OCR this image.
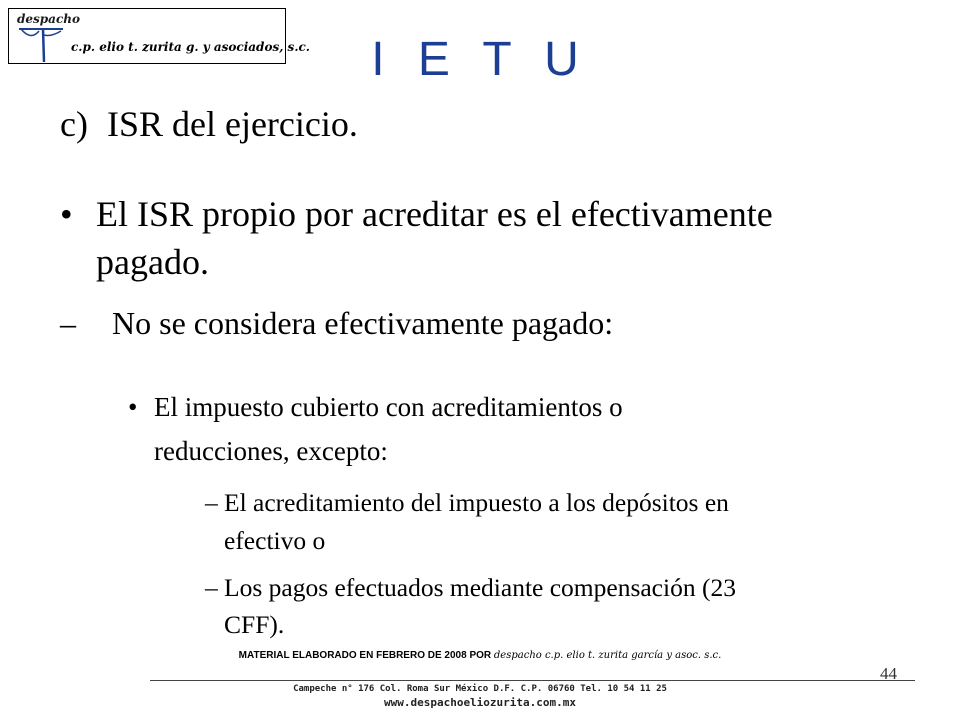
despacho
c.p. elio t. zurita g. y asociados, s.c.	I E T U
c) ISR del ejercicio.
• El ISR propio por acreditar es el efectivamente
pagado.
– No se considera efectivamente pagado:
• El impuesto cubierto con acreditamientos o
reducciones, excepto:
– El acreditamiento del impuesto a los depósitos en
efectivo o
– Los pagos efectuados mediante compensación (23
CFF).
MATERIAL ELABORADO EN FEBRERO DE 2008 POR despacho c.p. elio t. zurita garcía y asoc. s.c.
44
Campeche n° 176 Col. Roma Sur México D.F. C.P. 06760 Tel. 10 54 11 25
www.despachoeliozurita.com.mx
